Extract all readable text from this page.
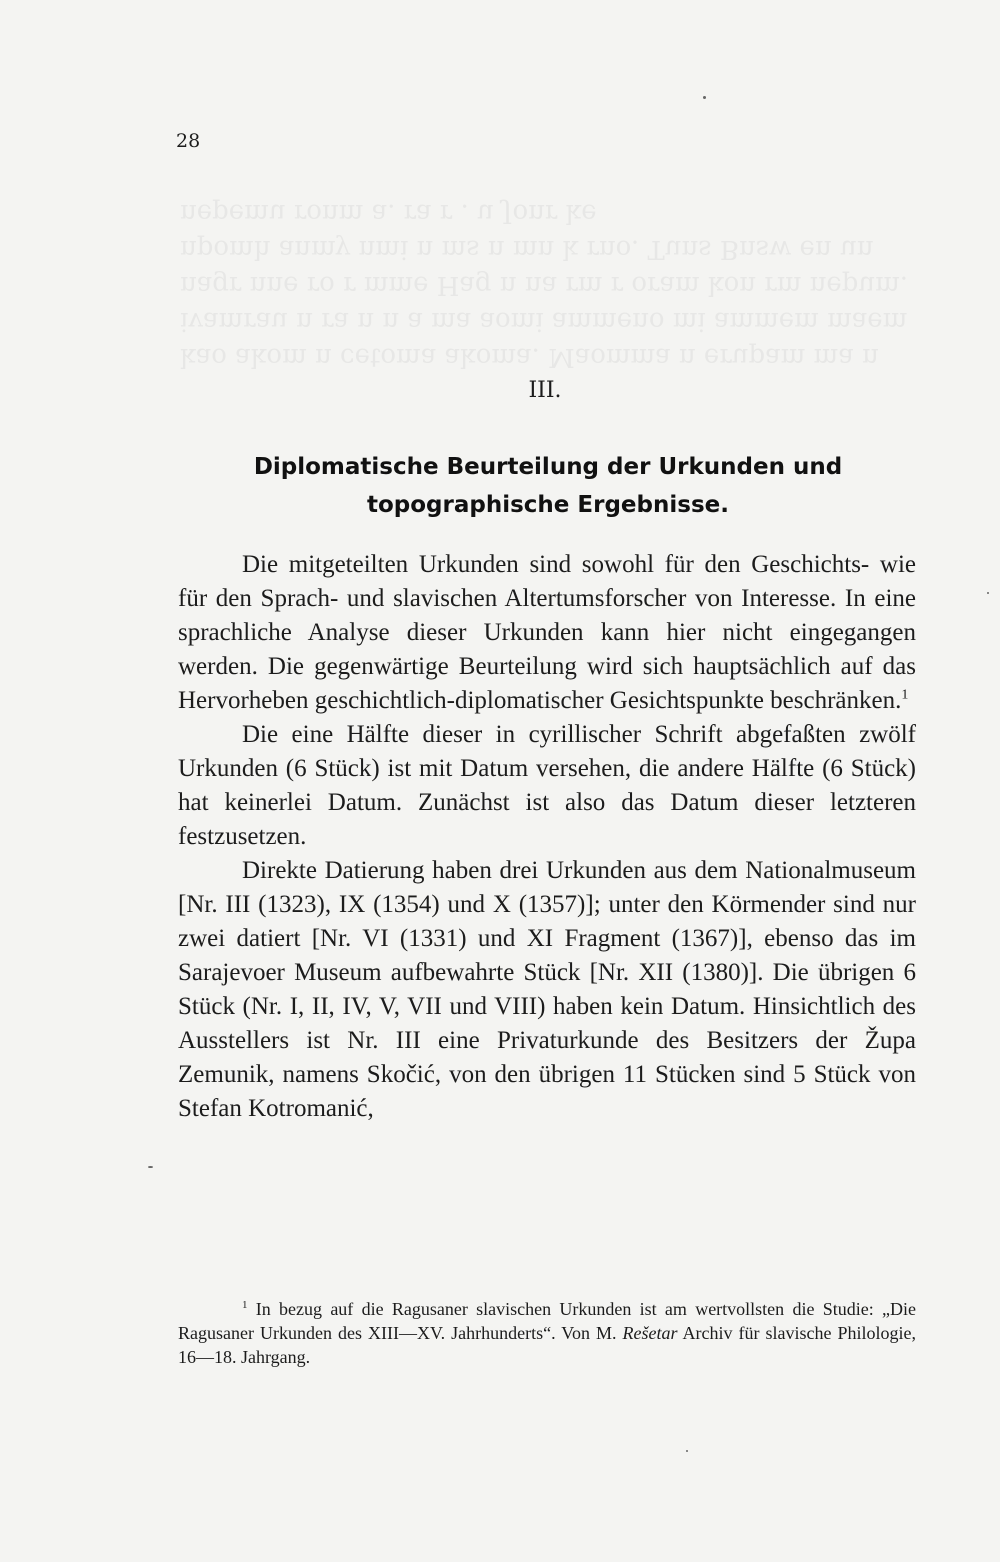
28
kao akom n cetoma akoma. Maomma n erupam ma n ivamrau n ra n n a ma aomi ammeno mi ammem maem nagr nne ro r mme Hag n na rm r oram kon rm nepum. npomh anmy nmi n ms n mn k rno. Tuns Bnsw en un nepemu ronm a. ra r . u Jonr ke
III.
Diplomatische Beurteilung der Urkunden und topographische Ergebnisse.

Die mitgeteilten Urkunden sind sowohl für den Geschichts- wie für den Sprach- und slavischen Altertumsforscher von Interesse. In eine sprachliche Analyse dieser Urkunden kann hier nicht eingegangen werden. Die gegenwärtige Beurteilung wird sich hauptsächlich auf das Hervorheben geschichtlich-diplomatischer Gesichtspunkte beschränken.$^1$

Die eine Hälfte dieser in cyrillischer Schrift abgefaßten zwölf Urkunden (6 Stück) ist mit Datum versehen, die andere Hälfte (6 Stück) hat keinerlei Datum. Zunächst ist also das Datum dieser letzteren festzusetzen.

Direkte Datierung haben drei Urkunden aus dem Nationalmuseum [Nr. III (1323), IX (1354) und X (1357)]; unter den Körmender sind nur zwei datiert [Nr. VI (1331) und XI Fragment (1367)], ebenso das im Sarajevoer Museum aufbewahrte Stück [Nr. XII (1380)]. Die übrigen 6 Stück (Nr. I, II, IV, V, VII und VIII) haben kein Datum. Hinsichtlich des Ausstellers ist Nr. III eine Privaturkunde des Besitzers der Župa Zemunik, namens Skočić, von den übrigen 11 Stücken sind 5 Stück von Stefan Kotromanić,

$^1$ In bezug auf die Ragusaner slavischen Urkunden ist am wertvollsten die Studie: „Die Ragusaner Urkunden des XIII—XV. Jahrhunderts“. Von M. Rešetar Archiv für slavische Philologie, 16—18. Jahrgang.
